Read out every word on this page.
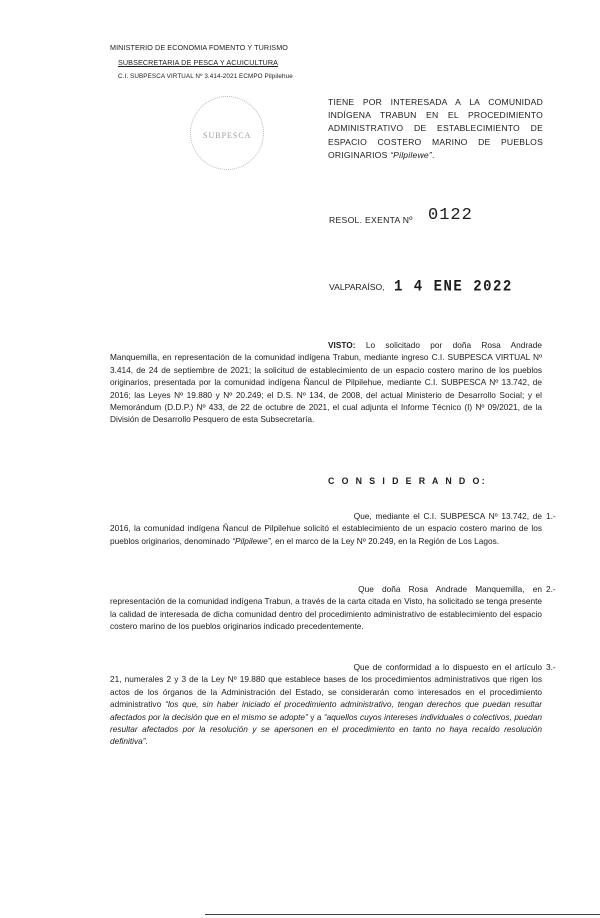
MINISTERIO DE ECONOMIA FOMENTO Y TURISMO
SUBSECRETARIA DE PESCA Y ACUICULTURA
C.I. SUBPESCA VIRTUAL Nº 3.414-2021 ECMPO Pilpilehue
SUBPESCA
TIENE POR INTERESADA A LA COMUNIDAD INDÍGENA TRABUN EN EL PROCEDIMIENTO ADMINISTRATIVO DE ESTABLECIMIENTO DE ESPACIO COSTERO MARINO DE PUEBLOS ORIGINARIOS “Pilpilewe”.
RESOL. EXENTA Nº 0122
VALPARAÍSO, 1 4 ENE 2022
VISTO: Lo solicitado por doña Rosa Andrade Manquemilla, en representación de la comunidad indígena Trabun, mediante ingreso C.I. SUBPESCA VIRTUAL Nº 3.414, de 24 de septiembre de 2021; la solicitud de establecimiento de un espacio costero marino de los pueblos originarios, presentada por la comunidad indígena Ñancul de Pilpilehue, mediante C.I. SUBPESCA Nº 13.742, de 2016; las Leyes Nº 19.880 y Nº 20.249; el D.S. Nº 134, de 2008, del actual Ministerio de Desarrollo Social; y el Memorándum (D.D.P.) Nº 433, de 22 de octubre de 2021, el cual adjunta el Informe Técnico (I) Nº 09/2021, de la División de Desarrollo Pesquero de esta Subsecretaría.
C O N S I D E R A N D O:
1.- Que, mediante el C.I. SUBPESCA Nº 13.742, de 2016, la comunidad indígena Ñancul de Pilpilehue solicitó el establecimiento de un espacio costero marino de los pueblos originarios, denominado “Pilpilewe”, en el marco de la Ley Nº 20.249, en la Región de Los Lagos.
2.- Que doña Rosa Andrade Manquemilla, en representación de la comunidad indígena Trabun, a través de la carta citada en Visto, ha solicitado se tenga presente la calidad de interesada de dicha comunidad dentro del procedimiento administrativo de establecimiento del espacio costero marino de los pueblos originarios indicado precedentemente.
3.- Que de conformidad a lo dispuesto en el artículo 21, numerales 2 y 3 de la Ley Nº 19.880 que establece bases de los procedimientos administrativos que rigen los actos de los órganos de la Administración del Estado, se considerarán como interesados en el procedimiento administrativo “los que, sin haber iniciado el procedimiento administrativo, tengan derechos que puedan resultar afectados por la decisión que en el mismo se adopte” y a “aquellos cuyos intereses individuales o colectivos, puedan resultar afectados por la resolución y se apersonen en el procedimiento en tanto no haya recaído resolución definitiva”.
